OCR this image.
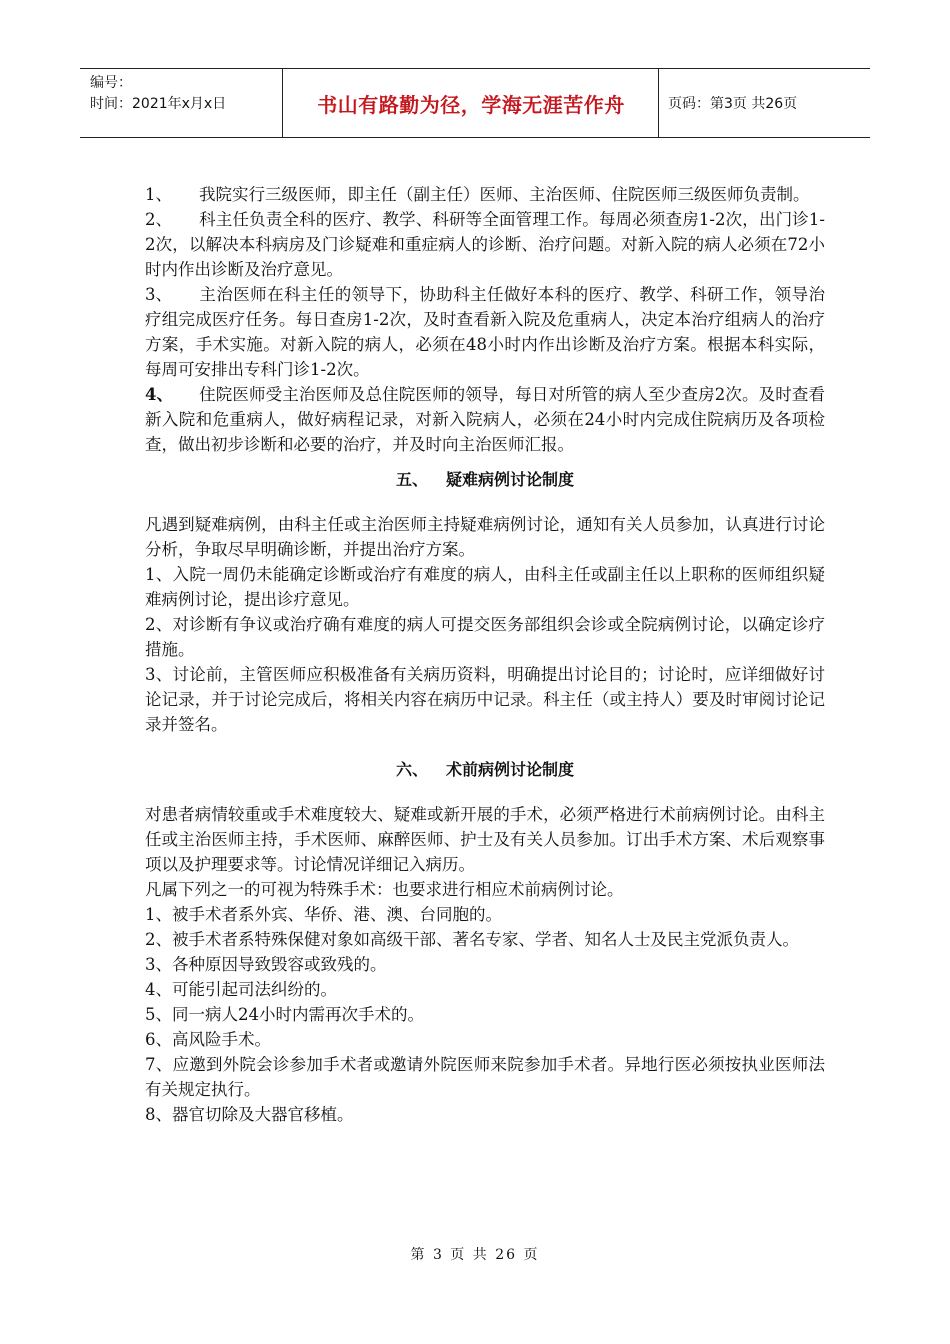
编号：
时间：2021年x月x日	书山有路勤为径，学海无涯苦作舟	页码：第3页 共26页

1、 我院实行三级医师，即主任（副主任）医师、主治医师、住院医师三级医师负责制。

2、 科主任负责全科的医疗、教学、科研等全面管理工作。每周必须查房1-2次，出门诊1-2次，以解决本科病房及门诊疑难和重症病人的诊断、治疗问题。对新入院的病人必须在72小时内作出诊断及治疗意见。

3、 主治医师在科主任的领导下，协助科主任做好本科的医疗、教学、科研工作，领导治疗组完成医疗任务。每日查房1-2次，及时查看新入院及危重病人，决定本治疗组病人的治疗方案，手术实施。对新入院的病人，必须在48小时内作出诊断及治疗方案。根据本科实际，每周可安排出专科门诊1-2次。

4、 住院医师受主治医师及总住院医师的领导，每日对所管的病人至少查房2次。及时查看新入院和危重病人，做好病程记录，对新入院病人，必须在24小时内完成住院病历及各项检查，做出初步诊断和必要的治疗，并及时向主治医师汇报。

五、 疑难病例讨论制度

凡遇到疑难病例，由科主任或主治医师主持疑难病例讨论，通知有关人员参加，认真进行讨论分析，争取尽早明确诊断，并提出治疗方案。

1、入院一周仍未能确定诊断或治疗有难度的病人，由科主任或副主任以上职称的医师组织疑难病例讨论，提出诊疗意见。

2、对诊断有争议或治疗确有难度的病人可提交医务部组织会诊或全院病例讨论，以确定诊疗措施。

3、讨论前，主管医师应积极准备有关病历资料，明确提出讨论目的；讨论时，应详细做好讨论记录，并于讨论完成后，将相关内容在病历中记录。科主任（或主持人）要及时审阅讨论记录并签名。

六、 术前病例讨论制度

对患者病情较重或手术难度较大、疑难或新开展的手术，必须严格进行术前病例讨论。由科主任或主治医师主持，手术医师、麻醉医师、护士及有关人员参加。订出手术方案、术后观察事项以及护理要求等。讨论情况详细记入病历。

凡属下列之一的可视为特殊手术：也要求进行相应术前病例讨论。

1、被手术者系外宾、华侨、港、澳、台同胞的。

2、被手术者系特殊保健对象如高级干部、著名专家、学者、知名人士及民主党派负责人。

3、各种原因导致毁容或致残的。

4、可能引起司法纠纷的。

5、同一病人24小时内需再次手术的。

6、高风险手术。

7、应邀到外院会诊参加手术者或邀请外院医师来院参加手术者。异地行医必须按执业医师法有关规定执行。

8、器官切除及大器官移植。

第 3 页 共 26 页
